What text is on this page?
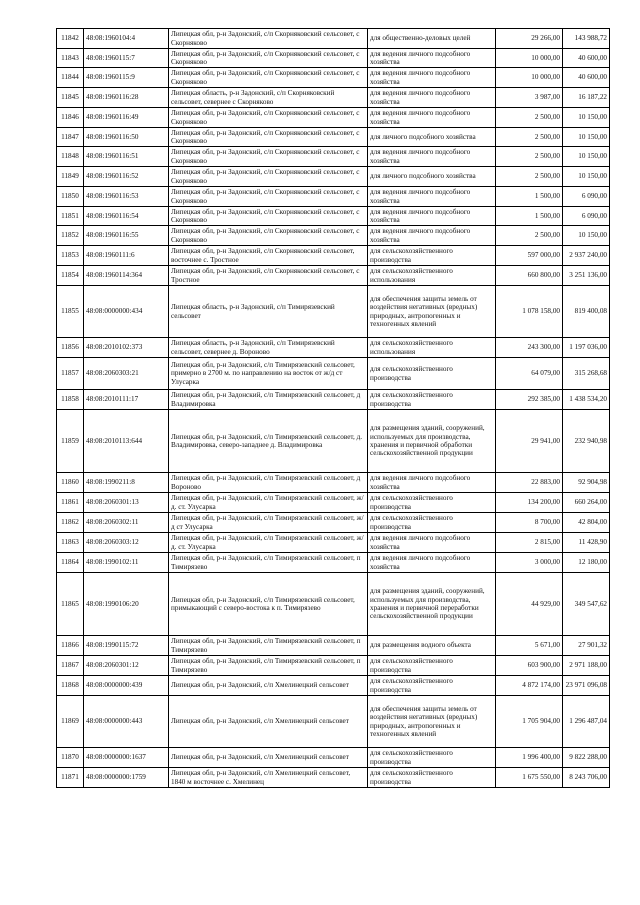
11842	48:08:1960104:4	Липецкая обл, р-н Задонский, с/п Скорняковский сельсовет, с Скорняково	для общественно-деловых целей	29 266,00	143 988,72
11843	48:08:1960115:7	Липецкая обл, р-н Задонский, с/п Скорняковский сельсовет, с Скорняково	для ведения личного подсобного хозяйства	10 000,00	40 600,00
11844	48:08:1960115:9	Липецкая обл, р-н Задонский, с/п Скорняковский сельсовет, с Скорняково	для ведения личного подсобного хозяйства	10 000,00	40 600,00
11845	48:08:1960116:28	Липецкая область, р-н Задонский, с/п Скорняковский сельсовет, севернее с Скорняково	для ведения личного подсобного хозяйства	3 987,00	16 187,22
11846	48:08:1960116:49	Липецкая обл, р-н Задонский, с/п Скорняковский сельсовет, с Скорняково	для ведения личного подсобного хозяйства	2 500,00	10 150,00
11847	48:08:1960116:50	Липецкая обл, р-н Задонский, с/п Скорняковский сельсовет, с Скорняково	для личного подсобного хозяйства	2 500,00	10 150,00
11848	48:08:1960116:51	Липецкая обл, р-н Задонский, с/п Скорняковский сельсовет, с Скорняково	для ведения личного подсобного хозяйства	2 500,00	10 150,00
11849	48:08:1960116:52	Липецкая обл, р-н Задонский, с/п Скорняковский сельсовет, с Скорняково	для личного подсобного хозяйства	2 500,00	10 150,00
11850	48:08:1960116:53	Липецкая обл, р-н Задонский, с/п Скорняковский сельсовет, с Скорняково	для ведения личного подсобного хозяйства	1 500,00	6 090,00
11851	48:08:1960116:54	Липецкая обл, р-н Задонский, с/п Скорняковский сельсовет, с Скорняково	для ведения личного подсобного хозяйства	1 500,00	6 090,00
11852	48:08:1960116:55	Липецкая обл, р-н Задонский, с/п Скорняковский сельсовет, с Скорняково	для ведения личного подсобного хозяйства	2 500,00	10 150,00
11853	48:08:1960111:6	Липецкая обл, р-н Задонский, с/п Скорняковский сельсовет, восточнее с. Тростное	для сельскохозяйственного производства	597 000,00	2 937 240,00
11854	48:08:1960114:364	Липецкая обл, р-н Задонский, с/п Скорняковский сельсовет, с Тростное	для сельскохозяйственного использования	660 800,00	3 251 136,00
11855	48:08:0000000:434	Липецкая область, р-н Задонский, с/п Тимирязевский сельсовет	для обеспечения защиты земель от воздействия негативных (вредных) природных, антропогенных и техногенных явлений	1 078 158,00	819 400,08
11856	48:08:2010102:373	Липецкая область, р-н Задонский, с/п Тимирязевский сельсовет, севернее д. Вороново	для сельскохозяйственного использования	243 300,00	1 197 036,00
11857	48:08:2060303:21	Липецкая обл, р-н Задонский, с/п Тимирязевский сельсовет, примерно в 2700 м. по направлению на восток от ж/д ст Улусарка	для сельскохозяйственного производства	64 079,00	315 268,68
11858	48:08:2010111:17	Липецкая обл, р-н Задонский, с/п Тимирязевский сельсовет, д Владимировка	для сельскохозяйственного производства	292 385,00	1 438 534,20
11859	48:08:2010113:644	Липецкая обл, р-н Задонский, с/п Тимирязевский сельсовет, д. Владимировка, северо-западнее д. Владимировка	для размещения зданий, сооружений, используемых для производства, хранения и первичной обработки сельскохозяйственной продукции	29 941,00	232 940,98
11860	48:08:1990211:8	Липецкая обл, р-н Задонский, с/п Тимирязевский сельсовет, д Вороново	для ведения личного подсобного хозяйства	22 883,00	92 904,98
11861	48:08:2060301:13	Липецкая обл, р-н Задонский, с/п Тимирязевский сельсовет, ж/д. ст. Улусарка	для сельскохозяйственного производства	134 200,00	660 264,00
11862	48:08:2060302:11	Липецкая обл, р-н Задонский, с/п Тимирязевский сельсовет, ж/д ст Улусарка	для сельскохозяйственного производства	8 700,00	42 804,00
11863	48:08:2060303:12	Липецкая обл, р-н Задонский, с/п Тимирязевский сельсовет, ж/д. ст. Улусарка	для ведения личного подсобного хозяйства	2 815,00	11 428,90
11864	48:08:1990102:11	Липецкая обл, р-н Задонский, с/п Тимирязевский сельсовет, п Тимирязево	для ведения личного подсобного хозяйства	3 000,00	12 180,00
11865	48:08:1990106:20	Липецкая обл, р-н Задонский, с/п Тимирязевский сельсовет, примыкающий с северо-востока к п. Тимирязево	для размещения зданий, сооружений, используемых для производства, хранения и первичной переработки сельскохозяйственной продукции	44 929,00	349 547,62
11866	48:08:1990115:72	Липецкая обл, р-н Задонский, с/п Тимирязевский сельсовет, п Тимирязево	для размещения водного объекта	5 671,00	27 901,32
11867	48:08:2060301:12	Липецкая обл, р-н Задонский, с/п Тимирязевский сельсовет, п Тимирязево	для сельскохозяйственного производства	603 900,00	2 971 188,00
11868	48:08:0000000:439	Липецкая обл, р-н Задонский, с/п Хмелинецкий сельсовет	для сельскохозяйственного производства	4 872 174,00	23 971 096,08
11869	48:08:0000000:443	Липецкая обл, р-н Задонский, с/п Хмелинецкий сельсовет	для обеспечения защиты земель от воздействия негативных (вредных) природных, антропогенных и техногенных явлений	1 705 904,00	1 296 487,04
11870	48:08:0000000:1637	Липецкая обл, р-н Задонский, с/п Хмелинецкий сельсовет	для сельскохозяйственного производства	1 996 400,00	9 822 288,00
11871	48:08:0000000:1759	Липецкая обл, р-н Задонский, с/п Хмелинецкий сельсовет, 1840 м восточнее с. Хмелинец	для сельскохозяйственного производства	1 675 550,00	8 243 706,00
